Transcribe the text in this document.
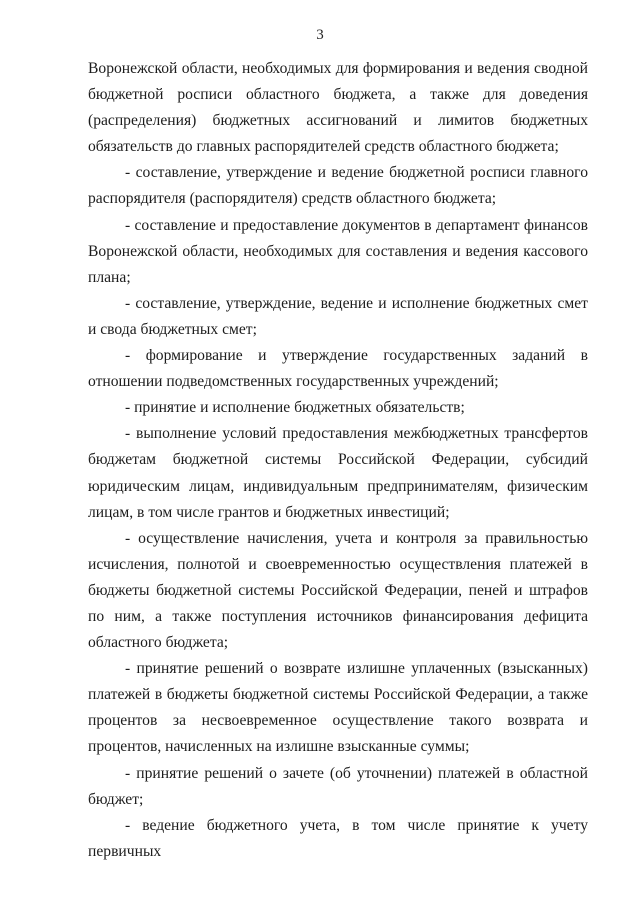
3

Воронежской области, необходимых для формирования и ведения сводной бюджетной росписи областного бюджета, а также для доведения (распределения) бюджетных ассигнований и лимитов бюджетных обязательств до главных распорядителей средств областного бюджета;

- составление, утверждение и ведение бюджетной росписи главного распорядителя (распорядителя) средств областного бюджета;

- составление и предоставление документов в департамент финансов Воронежской области, необходимых для составления и ведения кассового плана;

- составление, утверждение, ведение и исполнение бюджетных смет и свода бюджетных смет;

- формирование и утверждение государственных заданий в отношении подведомственных государственных учреждений;

- принятие и исполнение бюджетных обязательств;

- выполнение условий предоставления межбюджетных трансфертов бюджетам бюджетной системы Российской Федерации, субсидий юридическим лицам, индивидуальным предпринимателям, физическим лицам, в том числе грантов и бюджетных инвестиций;

- осуществление начисления, учета и контроля за правильностью исчисления, полнотой и своевременностью осуществления платежей в бюджеты бюджетной системы Российской Федерации, пеней и штрафов по ним, а также поступления источников финансирования дефицита областного бюджета;

- принятие решений о возврате излишне уплаченных (взысканных) платежей в бюджеты бюджетной системы Российской Федерации, а также процентов за несвоевременное осуществление такого возврата и процентов, начисленных на излишне взысканные суммы;

- принятие решений о зачете (об уточнении) платежей в областной бюджет;

- ведение бюджетного учета, в том числе принятие к учету первичных
